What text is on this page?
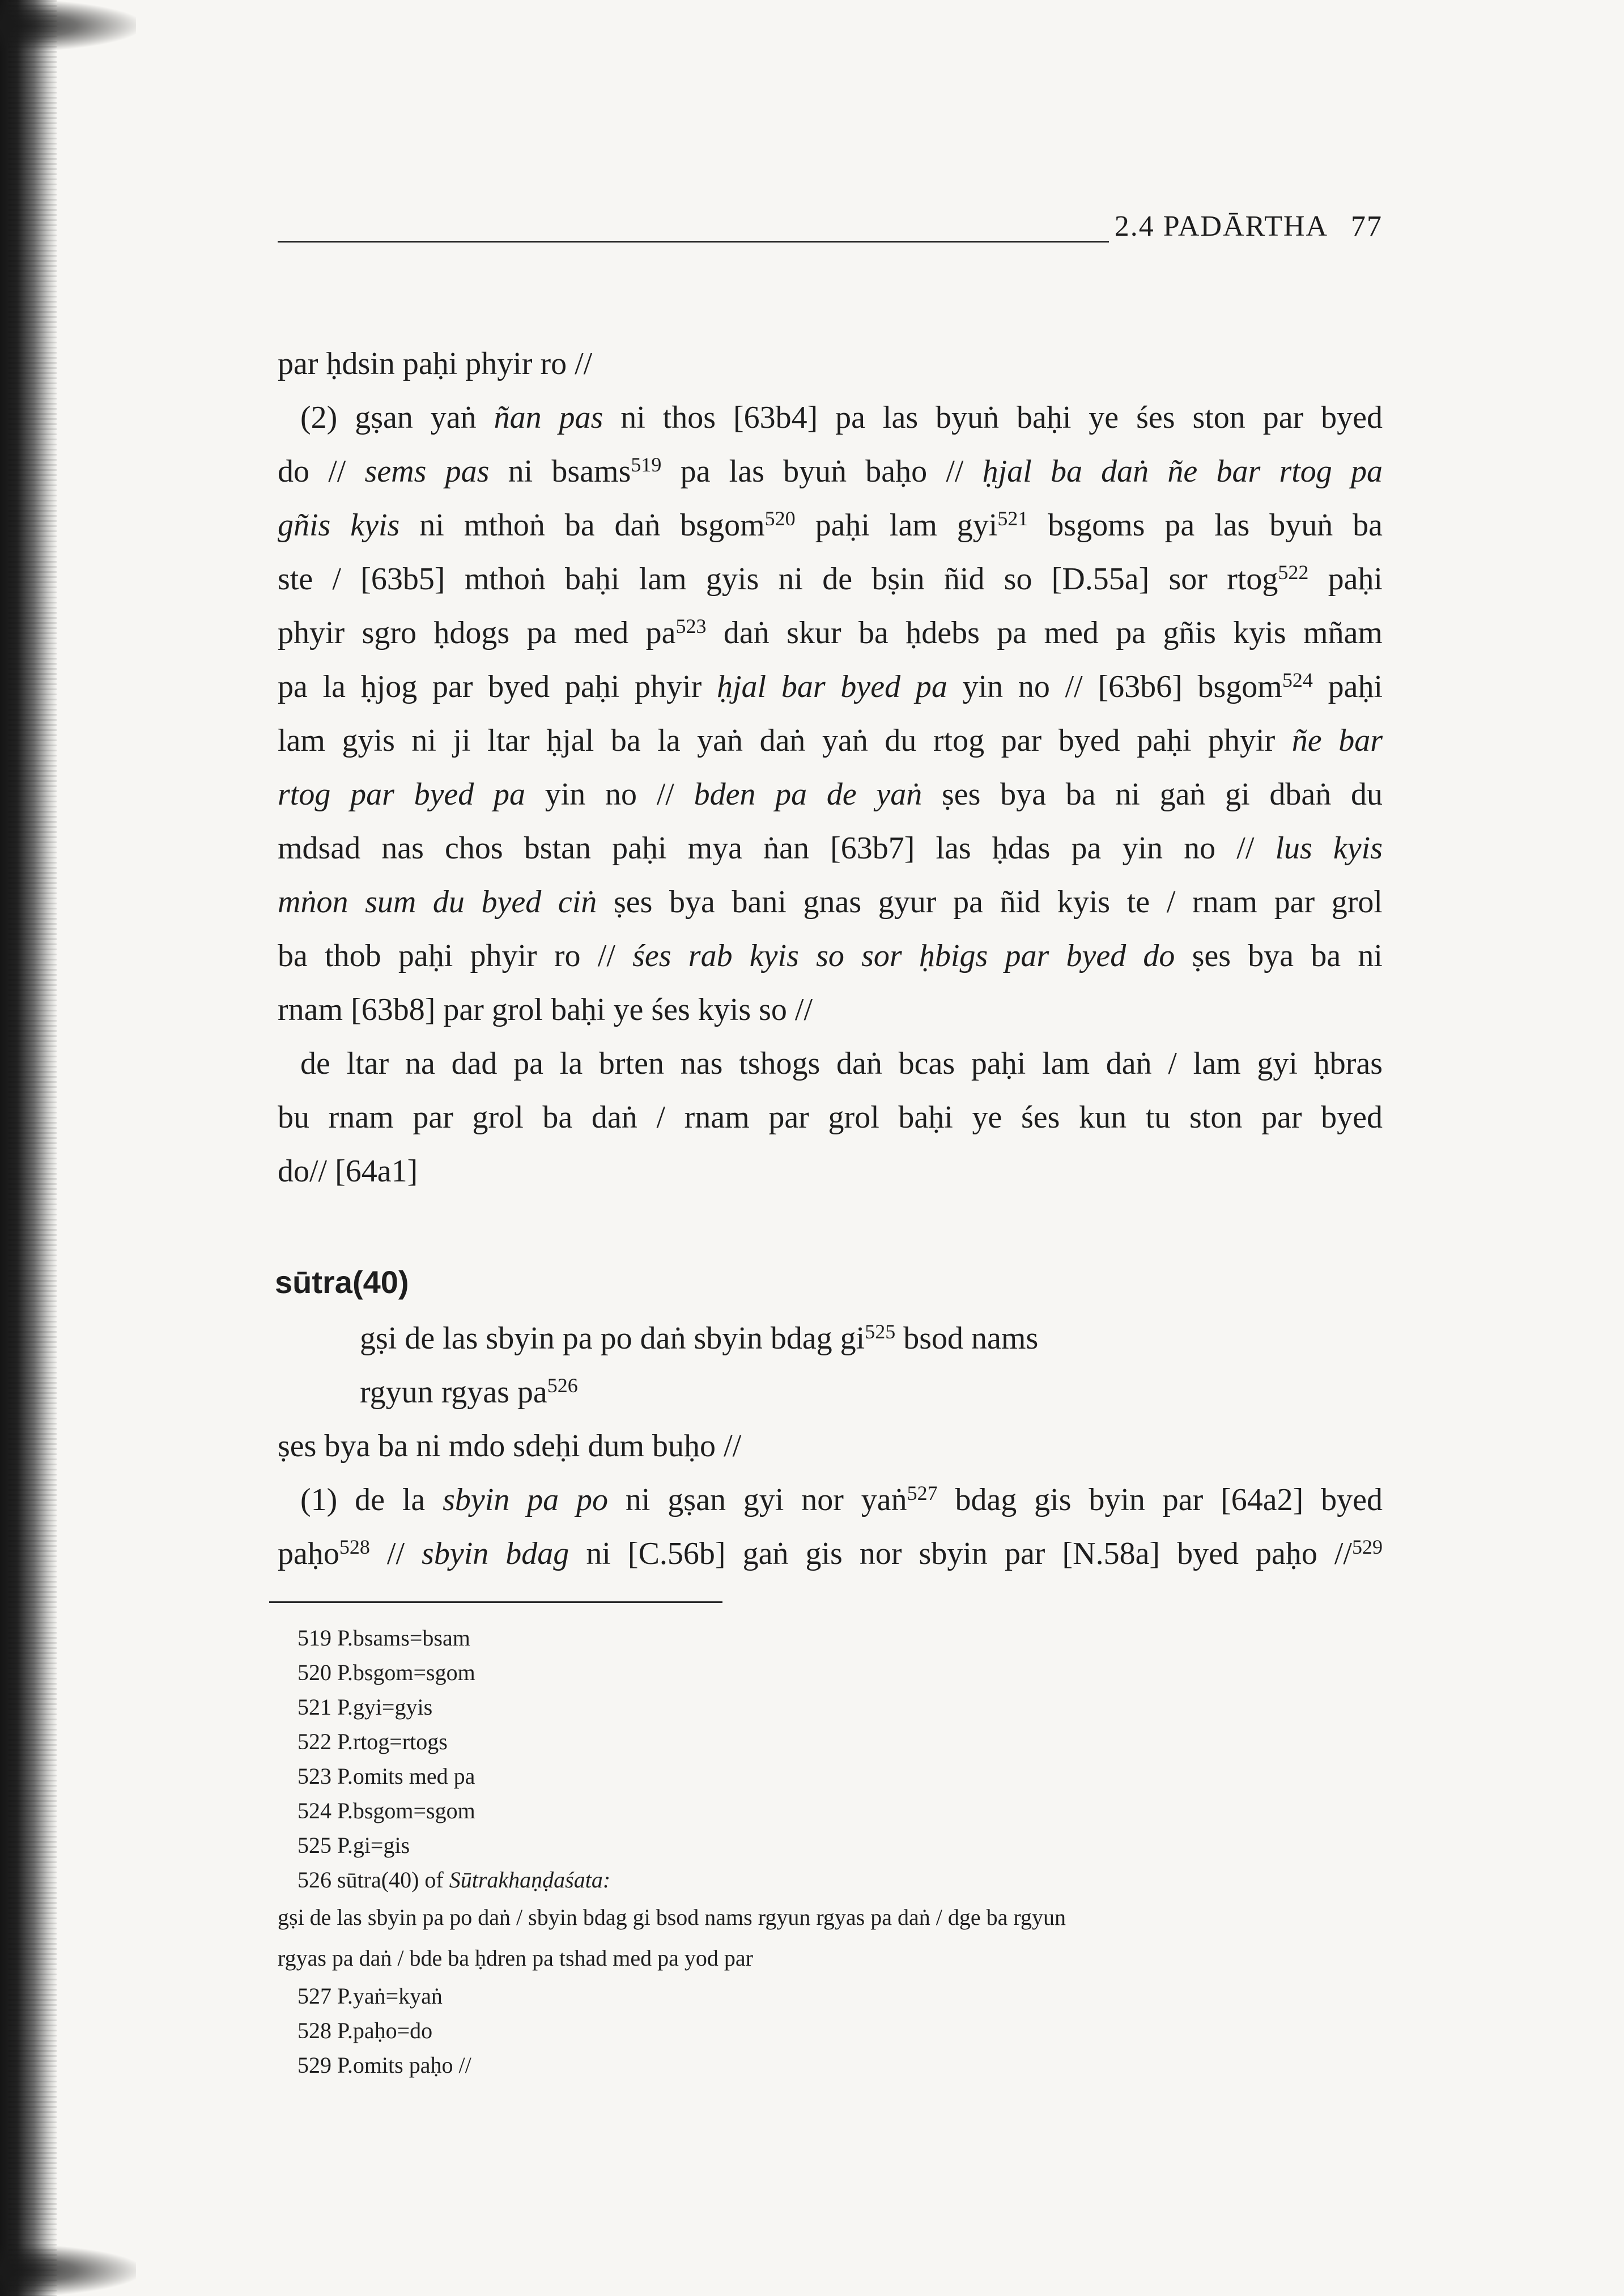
2.4 PADĀRTHA 77
par ḥdsin paḥi phyir ro //
(2) gṣan yaṅ ñan pas ni thos [63b4] pa las byuṅ baḥi ye śes ston par byed
do // sems pas ni bsams$^{519}$ pa las byuṅ baḥo // ḥjal ba daṅ ñe bar rtog pa
gñis kyis ni mthoṅ ba daṅ bsgom$^{520}$ paḥi lam gyi$^{521}$ bsgoms pa las byuṅ ba
ste / [63b5] mthoṅ baḥi lam gyis ni de bṣin ñid so [D.55a] sor rtog$^{522}$ paḥi
phyir sgro ḥdogs pa med $pa^{523}$ daṅ skur ba ḥdebs pa med pa gñis kyis mñam
pa la ḥjog par byed paḥi phyir ḥjal bar byed pa yin no // [63b6] bsgom$^{524}$ paḥi
lam gyis ni ji ltar ḥjal ba la yaṅ daṅ yaṅ du rtog par byed paḥi phyir ñe bar
rtog par byed pa yin no // bden pa de yaṅ ṣes bya ba ni gaṅ gi dbaṅ du
mdsad nas chos bstan paḥi mya ṅan [63b7] las ḥdas pa yin no // lus kyis
mṅon sum du byed ciṅ ṣes bya bani gnas gyur pa ñid kyis te / rnam par grol
ba thob paḥi phyir ro // śes rab kyis so sor ḥbigs par byed do ṣes bya ba ni
rnam [63b8] par grol baḥi ye śes kyis so //
de ltar na dad pa la brten nas tshogs daṅ bcas paḥi lam daṅ / lam gyi ḥbras
bu rnam par grol ba daṅ / rnam par grol baḥi ye śes kun tu ston par byed
do// [64a1]
sūtra(40)
gṣi de las sbyin pa po daṅ sbyin bdag $gi^{525}$ bsod nams
rgyun rgyas $pa^{526}$
ṣes bya ba ni mdo sdeḥi dum buḥo //
(1) de la sbyin pa po ni gṣan gyi nor yaṅ$^{527}$ bdag gis byin par [64a2] byed
paḥo$^{528}$ // sbyin bdag ni [C.56b] gaṅ gis nor sbyin par [N.58a] byed paḥo //$^{529}$
519 P.bsams=bsam
520 P.bsgom=sgom
521 P.gyi=gyis
522 P.rtog=rtogs
523 P.omits med pa
524 P.bsgom=sgom
525 P.gi=gis
526 sūtra(40) of Sūtrakhaṇḍaśata:
gṣi de las sbyin pa po daṅ / sbyin bdag gi bsod nams rgyun rgyas pa daṅ / dge ba rgyun
rgyas pa daṅ / bde ba ḥdren pa tshad med pa yod par
527 P.yaṅ=kyaṅ
528 P.paḥo=do
529 P.omits paḥo //
